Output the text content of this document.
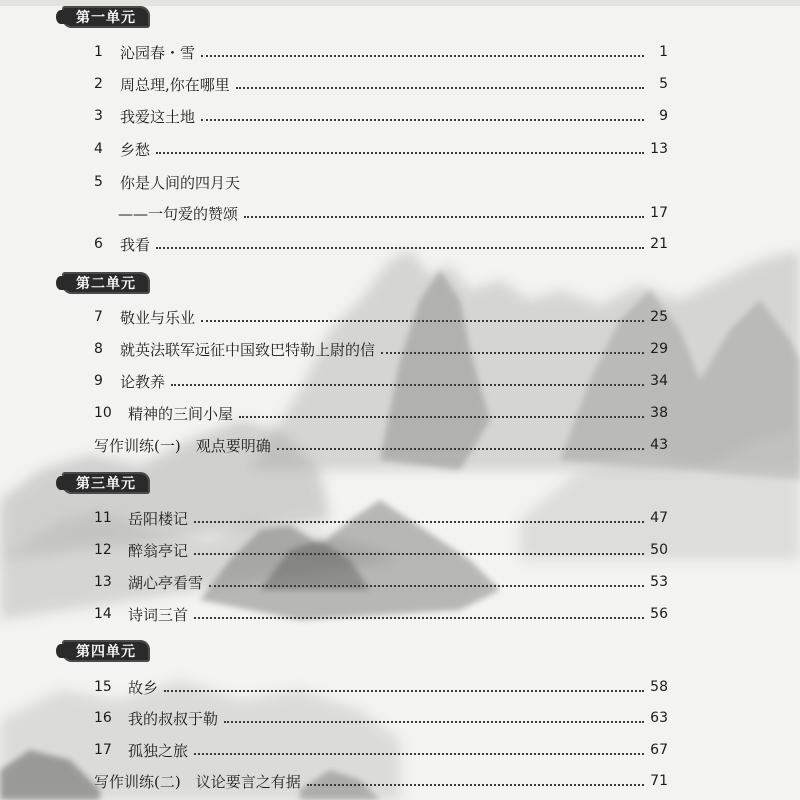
第一单元
1	沁园春・雪	1
2	周总理,你在哪里	5
3	我爱这土地	9
4	乡愁	13
5	你是人间的四月天
——一句爱的赞颂	17
6	我看	21
第二单元
7	敬业与乐业	25
8	就英法联军远征中国致巴特勒上尉的信	29
9	论教养	34
10	精神的三间小屋	38
写作训练(一)　观点要明确	43
第三单元
11	岳阳楼记	47
12	醉翁亭记	50
13	湖心亭看雪	53
14	诗词三首	56
第四单元
15	故乡	58
16	我的叔叔于勒	63
17	孤独之旅	67
写作训练(二)　议论要言之有据	71
